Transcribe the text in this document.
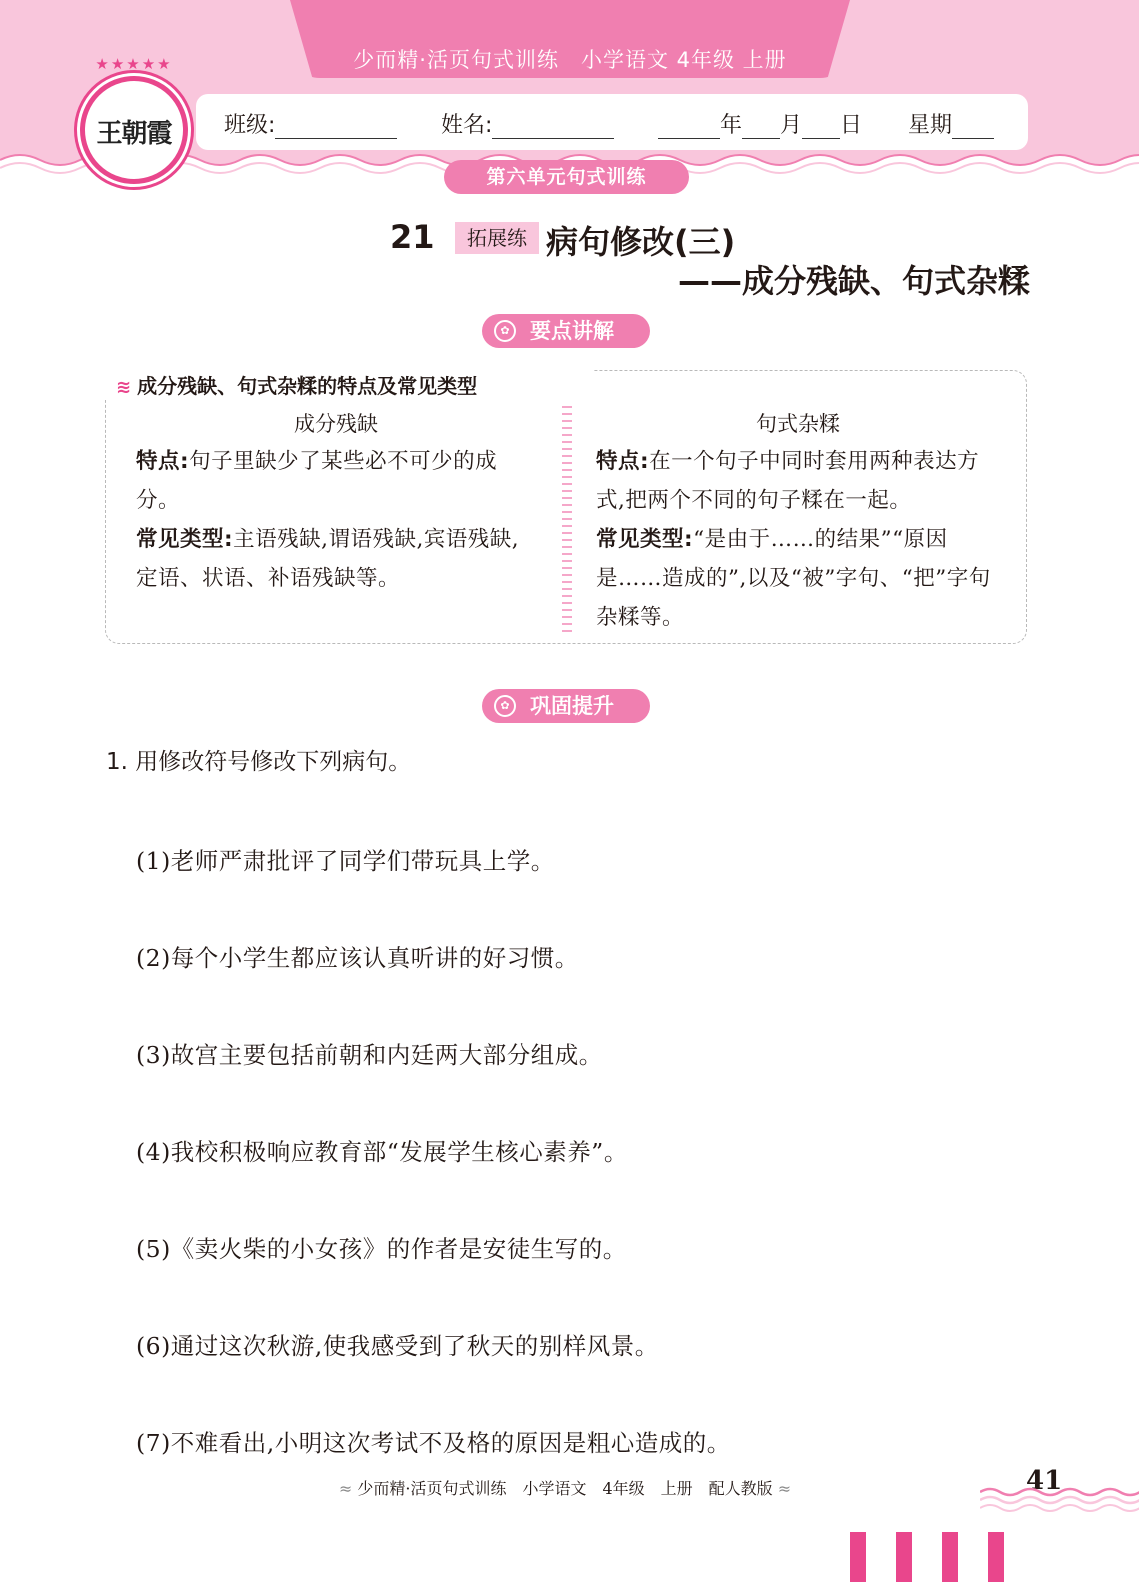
少而精·活页句式训练　小学语文 4年级 上册
★★★★★
王朝霞	班级:	姓名:	年 月 日 星期
第六单元句式训练
21	拓展练 病句修改(三)
——成分残缺、句式杂糅
✿ 要点讲解
≋ 成分残缺、句式杂糅的特点及常见类型
成分残缺
特点:句子里缺少了某些必不可少的成分。
常见类型:主语残缺,谓语残缺,宾语残缺,定语、状语、补语残缺等。
句式杂糅
特点:在一个句子中同时套用两种表达方式,把两个不同的句子糅在一起。
常见类型:“是由于……的结果”“原因是……造成的”,以及“被”字句、“把”字句杂糅等。
✿ 巩固提升
1. 用修改符号修改下列病句。
(1)老师严肃批评了同学们带玩具上学。
(2)每个小学生都应该认真听讲的好习惯。
(3)故宫主要包括前朝和内廷两大部分组成。
(4)我校积极响应教育部“发展学生核心素养”。
(5)《卖火柴的小女孩》的作者是安徒生写的。
(6)通过这次秋游,使我感受到了秋天的别样风景。
(7)不难看出,小明这次考试不及格的原因是粗心造成的。
≈ 少而精·活页句式训练　小学语文　4年级　上册　配人教版 ≈	41
